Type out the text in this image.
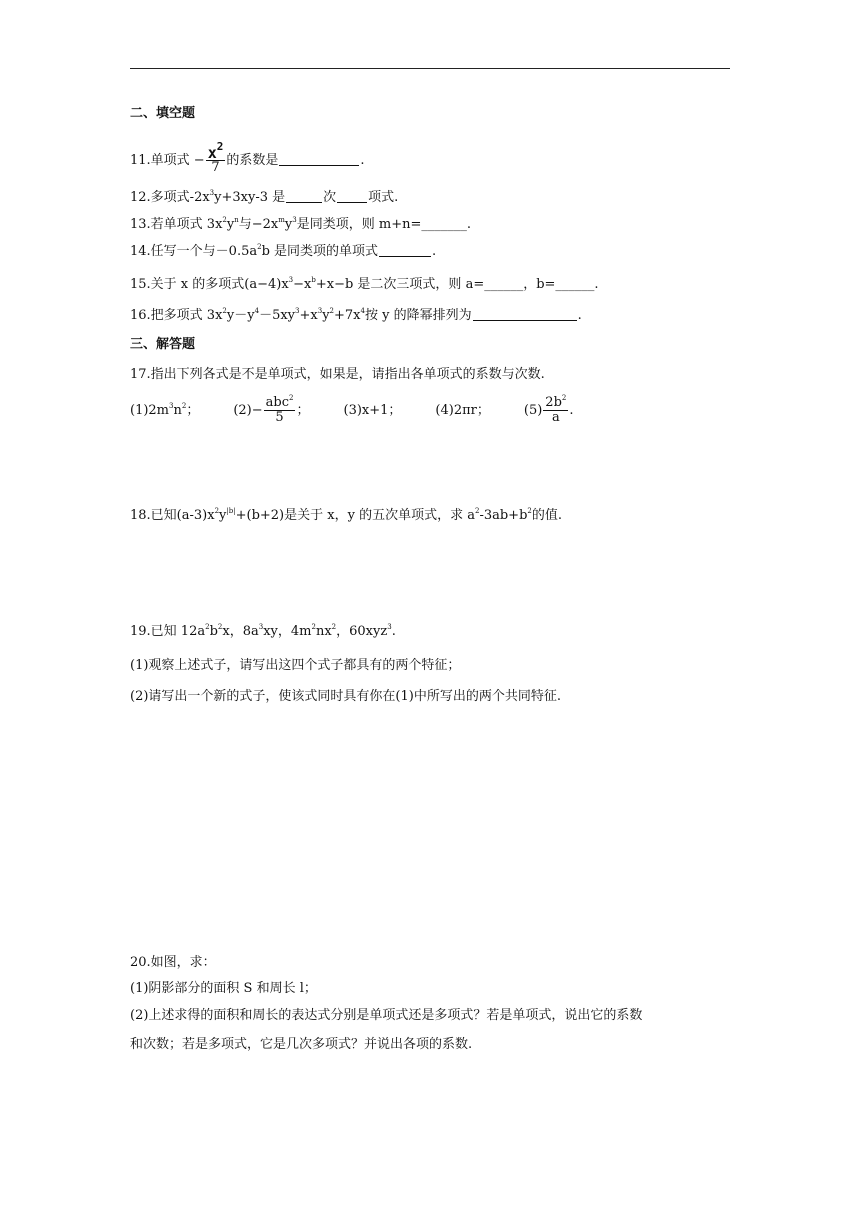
二、填空题
11.单项式 − $\frac{x^2}{7}$ 的系数是	.
12.多项式$-2x^3y+3xy-3$ 是	次 项式.
13.若单项式 $3x^2y^n$与$-2x^my^3$是同类项，则 m+n=_______.
14.任写一个与$-0.5a^2b$ 是同类项的单项式	.
15.关于 x 的多项式$(a-4)x^3-x^b+x-b$ 是二次三项式，则 a=______，b=______.
16.把多项式 $3x^2y-y^4-5xy^3+x^3y^2+7x^4$按 y 的降幂排列为	.
三、解答题
17.指出下列各式是不是单项式，如果是，请指出各单项式的系数与次数.
$(1)2m^3n^2$；	$(2)- \frac{abc^2}{5}$ ；	(3)x+1；	(4)2πr；	$(5) \frac{2b^2}{a}$ .
18.已知$(a-3)x^2y^{|b|}+(b+2)$是关于 x，y 的五次单项式，求 $a^2-3ab+b^2$的值.
19.已知 $12a^2b^2x$，$8a^3xy$，$4m^2nx^2$，60xyz$^3$.
(1)观察上述式子，请写出这四个式子都具有的两个特征；
(2)请写出一个新的式子，使该式同时具有你在(1)中所写出的两个共同特征.
20.如图，求：
(1)阴影部分的面积 S 和周长 l；
(2)上述求得的面积和周长的表达式分别是单项式还是多项式？若是单项式，说出它的系数
和次数；若是多项式，它是几次多项式？并说出各项的系数.
